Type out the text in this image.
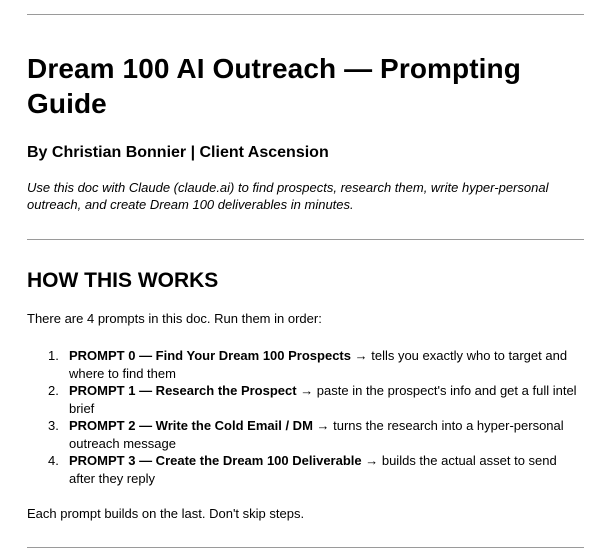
Dream 100 AI Outreach — Prompting Guide

By Christian Bonnier | Client Ascension

Use this doc with Claude (claude.ai) to find prospects, research them, write hyper-personal outreach, and create Dream 100 deliverables in minutes.

HOW THIS WORKS

There are 4 prompts in this doc. Run them in order:

1. PROMPT 0 — Find Your Dream 100 Prospects → tells you exactly who to target and where to find them
2. PROMPT 1 — Research the Prospect → paste in the prospect's info and get a full intel brief
3. PROMPT 2 — Write the Cold Email / DM → turns the research into a hyper-personal outreach message
4. PROMPT 3 — Create the Dream 100 Deliverable → builds the actual asset to send after they reply

Each prompt builds on the last. Don't skip steps.
